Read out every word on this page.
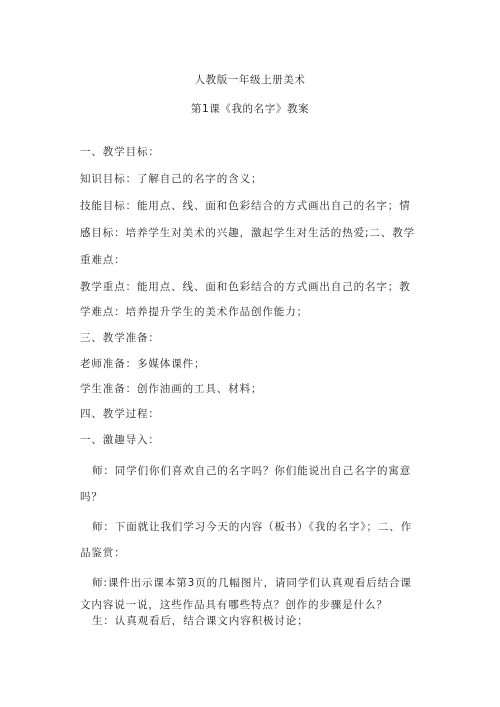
人教版一年级上册美术
第1课《我的名字》教案
一、教学目标：
知识目标：了解自己的名字的含义；
技能目标：能用点、线、面和色彩结合的方式画出自己的名字；情
感目标：培养学生对美术的兴趣，激起学生对生活的热爱;二、教学
重难点：
教学重点：能用点、线、面和色彩结合的方式画出自己的名字；教
学难点：培养提升学生的美术作品创作能力；
三、教学准备：
老师准备：多媒体课件；
学生准备：创作油画的工具、材料；
四、教学过程：
一、激趣导入：
师：同学们你们喜欢自己的名字吗？你们能说出自己名字的寓意
吗？
师：下面就让我们学习今天的内容（板书）《我的名字》；二、作
品鉴赏：
师:课件出示课本第3页的几幅图片，请同学们认真观看后结合课
文内容说一说，这些作品具有哪些特点？创作的步骤是什么？
生：认真观看后，结合课文内容积极讨论；
